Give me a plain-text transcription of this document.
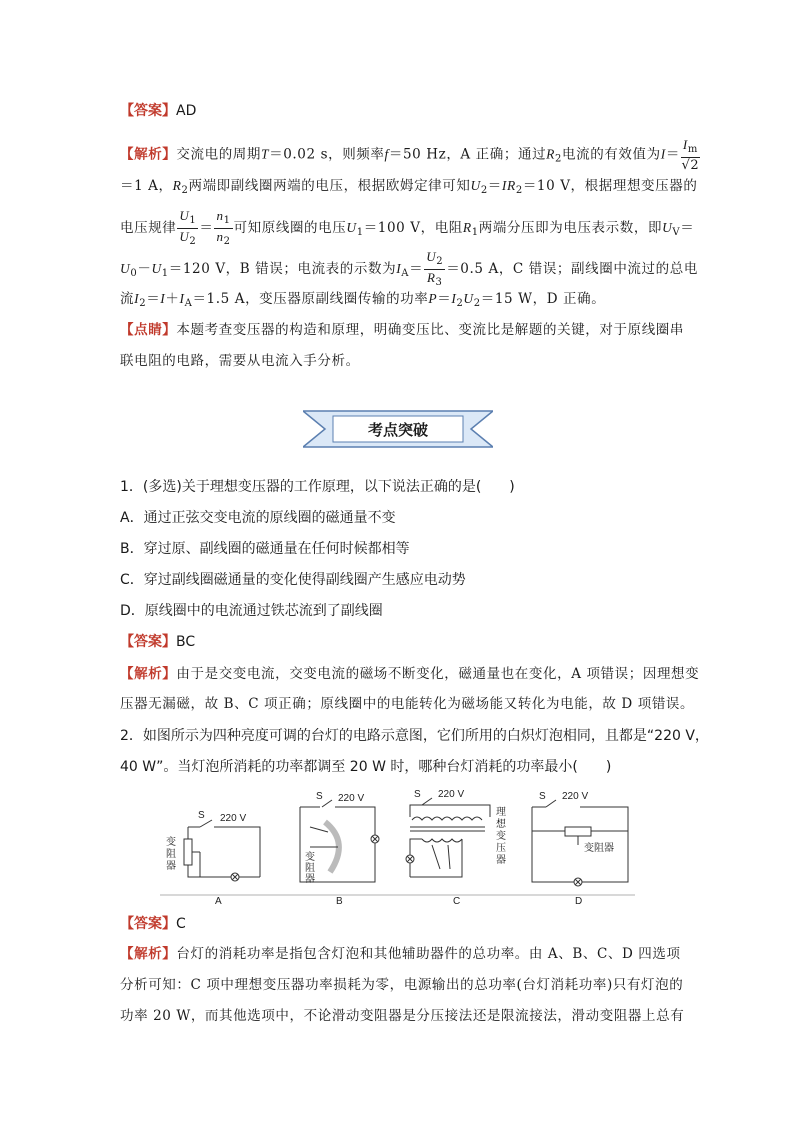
【答案】AD
【解析】交流电的周期T＝0.02 s，则频率f＝50 Hz，A 正确；通过$R_2$电流的有效值为$I= \frac{I_m}{√2}$
＝1 A，$R_2$两端即副线圈两端的电压，根据欧姆定律可知$U_2=IR_2=10$ V，根据理想变压器的
电压规律 $\frac{U_1}{U_2} = \frac{n_1}{n_2}$ 可知原线圈的电压$U_1=100$ V，电阻$R_1$两端分压即为电压表示数，即$U_V=$
$U_0-U_1=120$ V，B 错误；电流表的示数为$I_A= \frac{U_2}{R_3} =0.5$ A，C 错误；副线圈中流过的总电
流$I_2=I+I_A=1.5$ A，变压器原副线圈传输的功率$P=I_2U_2=15$ W，D 正确。
【点睛】本题考查变压器的构造和原理，明确变压比、变流比是解题的关键，对于原线圈串
联电阻的电路，需要从电流入手分析。
考点突破
1．(多选)关于理想变压器的工作原理，以下说法正确的是(　　)
A．通过正弦交变电流的原线圈的磁通量不变
B．穿过原、副线圈的磁通量在任何时候都相等
C．穿过副线圈磁通量的变化使得副线圈产生感应电动势
D．原线圈中的电流通过铁芯流到了副线圈
【答案】BC
【解析】由于是交变电流，交变电流的磁场不断变化，磁通量也在变化，A 项错误；因理想变
压器无漏磁，故 B、C 项正确；原线圈中的电能转化为磁场能又转化为电能，故 D 项错误。
2．如图所示为四种亮度可调的台灯的电路示意图，它们所用的白炽灯泡相同，且都是“220 V，
40 W”。当灯泡所消耗的功率都调至 20 W 时，哪种台灯消耗的功率最小(　　)
S 220 V
变
阻
器
A
S 220 V
变
阻
器
B
S 220 V
理
想
变
压
器
C
S 220 V
变阻器
D
【答案】C
【解析】台灯的消耗功率是指包含灯泡和其他辅助器件的总功率。由 A、B、C、D 四选项
分析可知：C 项中理想变压器功率损耗为零，电源输出的总功率(台灯消耗功率)只有灯泡的
功率 20 W，而其他选项中，不论滑动变阻器是分压接法还是限流接法，滑动变阻器上总有
